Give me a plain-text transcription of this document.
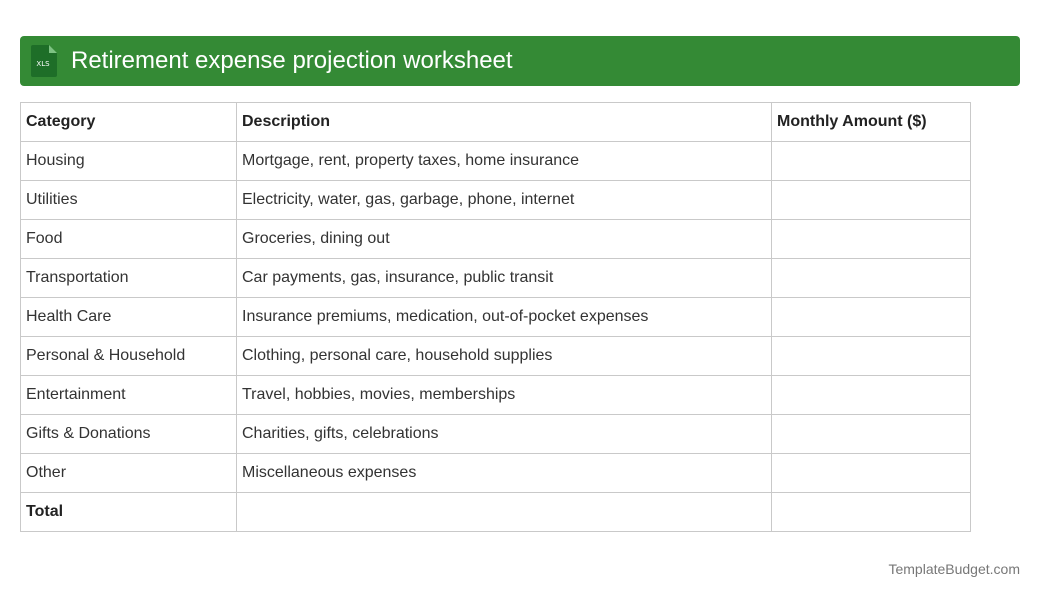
XLS Retirement expense projection worksheet
Category	Description	Monthly Amount ($)
Housing	Mortgage, rent, property taxes, home insurance	
Utilities	Electricity, water, gas, garbage, phone, internet	
Food	Groceries, dining out	
Transportation	Car payments, gas, insurance, public transit	
Health Care	Insurance premiums, medication, out-of-pocket expenses	
Personal & Household	Clothing, personal care, household supplies	
Entertainment	Travel, hobbies, movies, memberships	
Gifts & Donations	Charities, gifts, celebrations	
Other	Miscellaneous expenses	
Total		
TemplateBudget.com
